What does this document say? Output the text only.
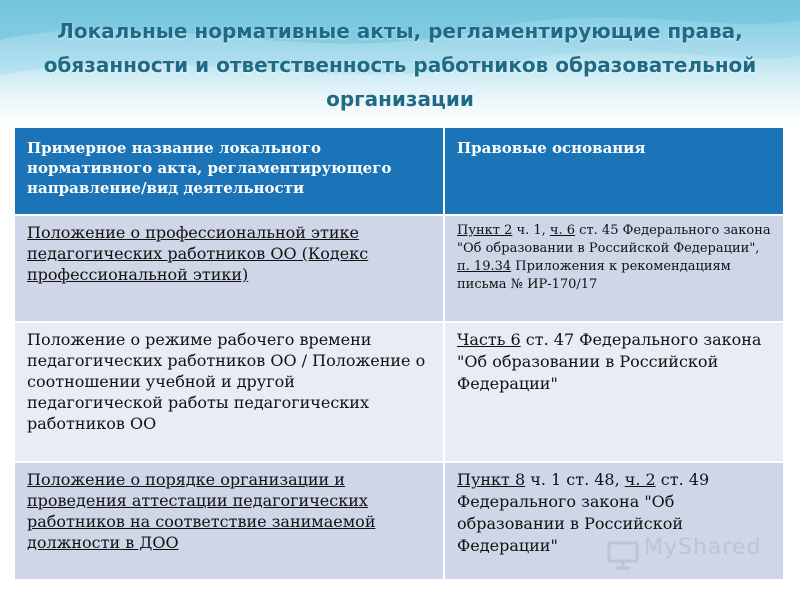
Локальные нормативные акты, регламентирующие права, обязанности и ответственность работников образовательной организации
Примерное название локального нормативного акта, регламентирующего направление/вид деятельности	Правовые основания
Положение о профессиональной этике педагогических работников ОО (Кодекс профессиональной этики)	Пункт 2 ч. 1, ч. 6 ст. 45 Федерального закона "Об образовании в Российской Федерации", п. 19.34 Приложения к рекомендациям письма № ИР-170/17
Положение о режиме рабочего времени педагогических работников ОО / Положение о соотношении учебной и другой педагогической работы педагогических работников ОО	Часть 6 ст. 47 Федерального закона "Об образовании в Российской Федерации"
Положение о порядке организации и проведения аттестации педагогических работников на соответствие занимаемой должности в ДОО	Пункт 8 ч. 1 ст. 48, ч. 2 ст. 49 Федерального закона "Об образовании в Российской Федерации"	MyShared
